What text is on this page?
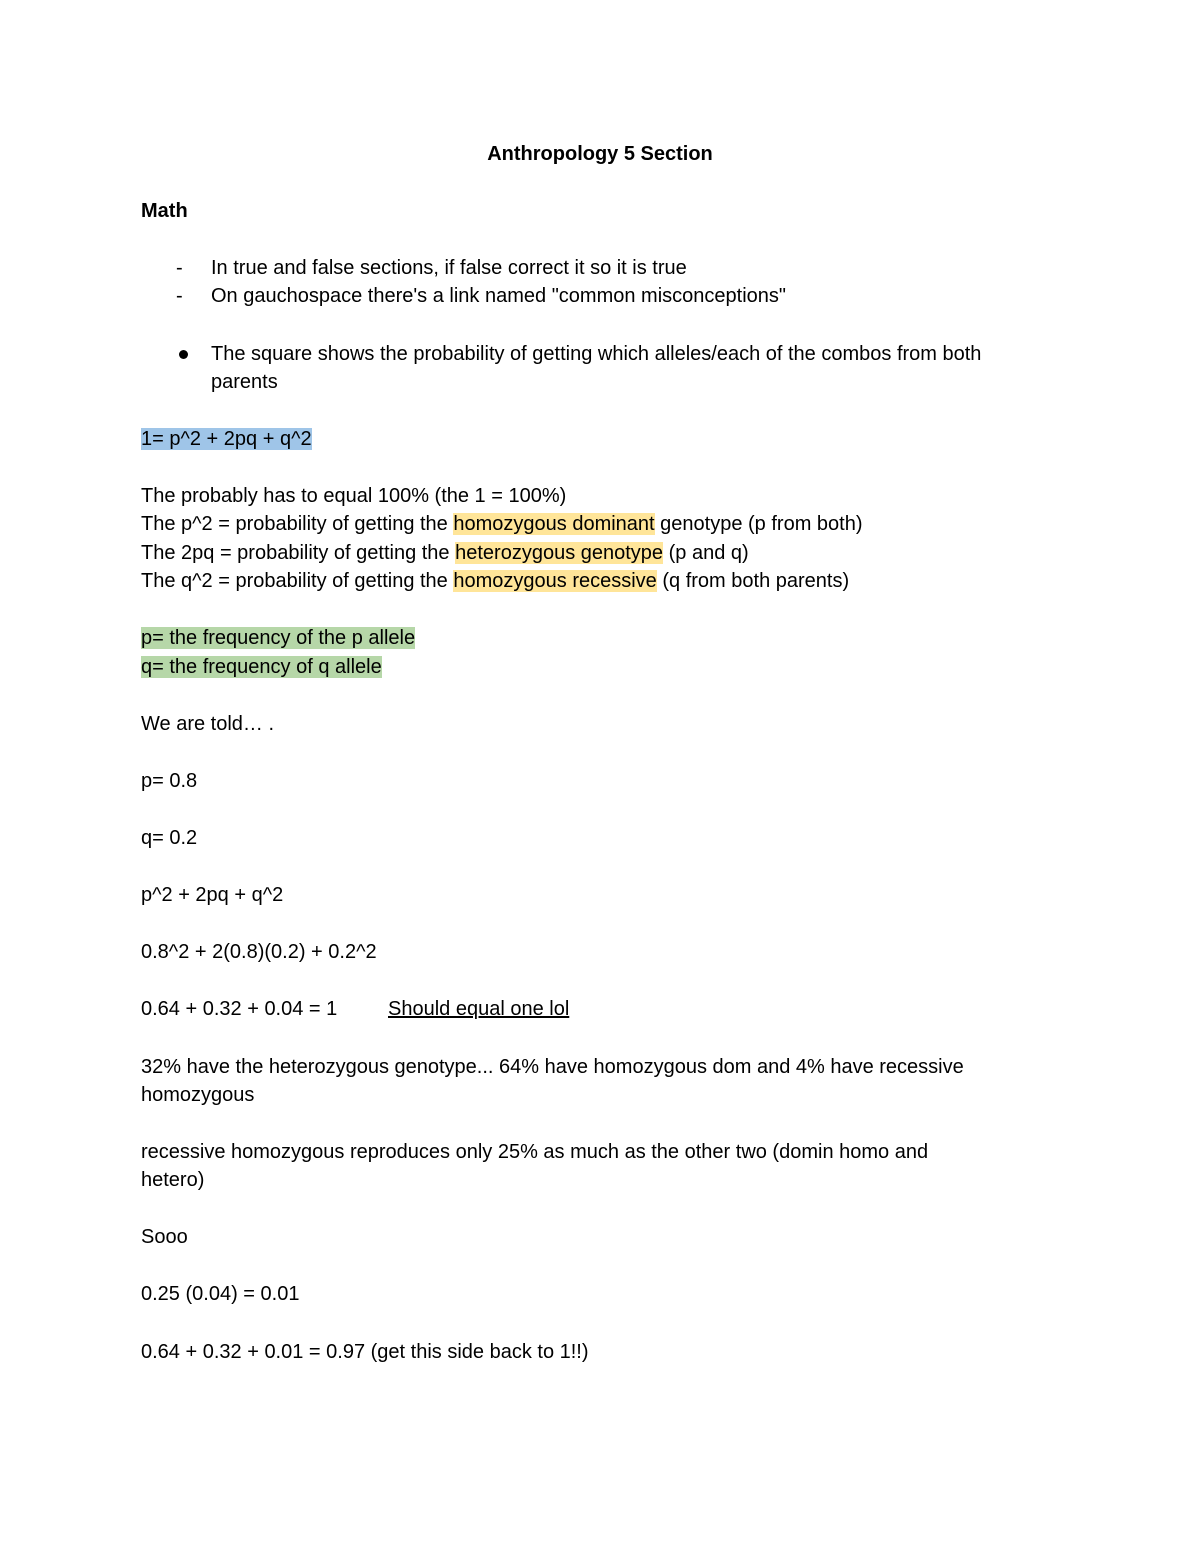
Anthropology 5 Section
Math
- In true and false sections, if false correct it so it is true
- On gauchospace there's a link named "common misconceptions"
The square shows the probability of getting which alleles/each of the combos from both
parents
1= p^2 + 2pq + q^2
The probably has to equal 100% (the 1 = 100%)
The p^2 = probability of getting the homozygous dominant genotype (p from both)
The 2pq = probability of getting the heterozygous genotype (p and q)
The q^2 = probability of getting the homozygous recessive (q from both parents)
p= the frequency of the p allele
q= the frequency of q allele
We are told… .
p= 0.8
q= 0.2
p^2 + 2pq + q^2
0.8^2 + 2(0.8)(0.2) + 0.2^2
0.64 + 0.32 + 0.04 = 1	Should equal one lol
32% have the heterozygous genotype... 64% have homozygous dom and 4% have recessive
homozygous
recessive homozygous reproduces only 25% as much as the other two (domin homo and
hetero)
Sooo
0.25 (0.04) = 0.01
0.64 + 0.32 + 0.01 = 0.97 (get this side back to 1!!)
